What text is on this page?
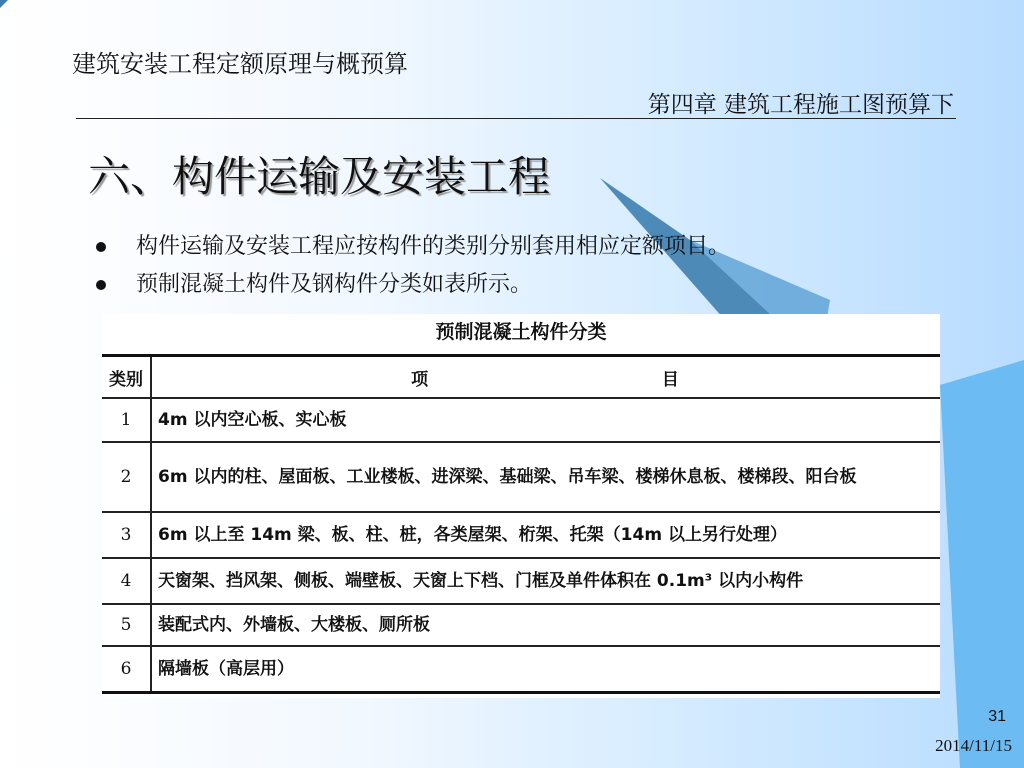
建筑安装工程定额原理与概预算
第四章 建筑工程施工图预算下
六、构件运输及安装工程
构件运输及安装工程应按构件的类别分别套用相应定额项目。
预制混凝土构件及钢构件分类如表所示。
预制混凝土构件分类
类别	项 目
1	4m 以内空心板、实心板
2	6m 以内的柱、屋面板、工业楼板、进深梁、基础梁、吊车梁、楼梯休息板、楼梯段、阳台板
3	6m 以上至 14m 梁、板、柱、桩，各类屋架、桁架、托架（14m 以上另行处理）
4	天窗架、挡风架、侧板、端壁板、天窗上下档、门框及单件体积在 0.1m³ 以内小构件
5	装配式内、外墙板、大楼板、厕所板
6	隔墙板（高层用）
31
2014/11/15
